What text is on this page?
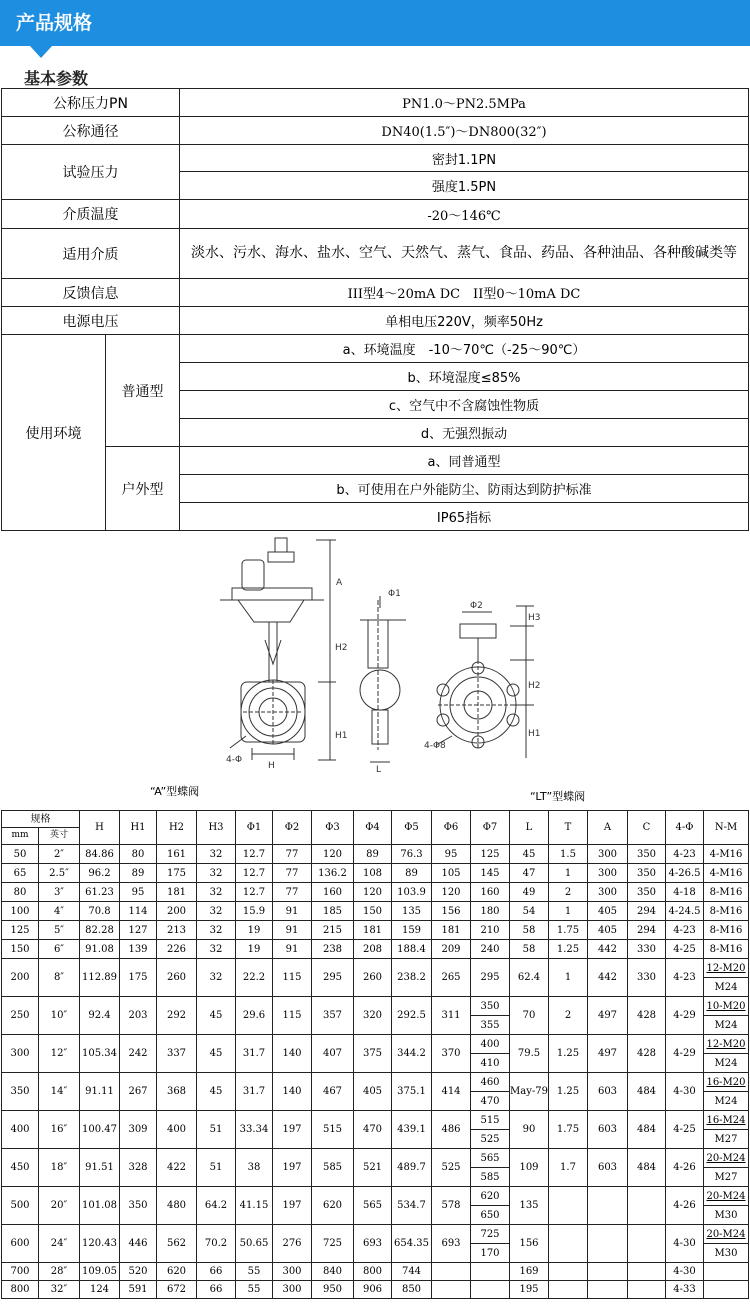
产品规格
基本参数
公称压力PN		PN1.0～PN2.5MPa
公称通径		DN40(1.5″)～DN800(32″)
试验压力		密封1.1PN
		强度1.5PN
介质温度		-20～146℃
适用介质		淡水、污水、海水、盐水、空气、天然气、蒸气、食品、药品、各种油品、各种酸碱类等
反馈信息		III型4～20mA DC　II型0～10mA DC
电源电压		单相电压220V，频率50Hz
使用环境	普通型	a、环境温度　-10～70℃（-25～90℃）
		b、环境湿度≤85%
		c、空气中不含腐蚀性物质
		d、无强烈振动
	户外型	a、同普通型
		b、可使用在户外能防尘、防雨达到防护标准
		IP65指标
A
H2
H1
H
4-Φ
Φ1
L
Φ2
H3
H2
H1
4-Φ8
“A”型蝶阀	“LT”型蝶阀
规格		H	H1	H2	H3	Φ1	Φ2	Φ3	Φ4	Φ5	Φ6	Φ7	L	T	A	C	4-Φ	N-M
mm	英寸																	
50	2″	84.86	80	161	32	12.7	77	120	89	76.3	95	125	45	1.5	300	350	4-23	4-M16
65	2.5″	96.2	89	175	32	12.7	77	136.2	108	89	105	145	47	1	300	350	4-26.5	4-M16
80	3″	61.23	95	181	32	12.7	77	160	120	103.9	120	160	49	2	300	350	4-18	8-M16
100	4″	70.8	114	200	32	15.9	91	185	150	135	156	180	54	1	405	294	4-24.5	8-M16
125	5″	82.28	127	213	32	19	91	215	181	159	181	210	58	1.75	405	294	4-23	8-M16
150	6″	91.08	139	226	32	19	91	238	208	188.4	209	240	58	1.25	442	330	4-25	8-M16
200	8″	112.89	175	260	32	22.2	115	295	260	238.2	265	295	62.4	1	442	330	4-23	12-M20
																		M24
250	10″	92.4	203	292	45	29.6	115	357	320	292.5	311	350	70	2	497	428	4-29	10-M20
												355						M24
300	12″	105.34	242	337	45	31.7	140	407	375	344.2	370	400	79.5	1.25	497	428	4-29	12-M20
												410						M24
350	14″	91.11	267	368	45	31.7	140	467	405	375.1	414	460	May-79	1.25	603	484	4-30	16-M20
												470						M24
400	16″	100.47	309	400	51	33.34	197	515	470	439.1	486	515	90	1.75	603	484	4-25	16-M24
												525						M27
450	18″	91.51	328	422	51	38	197	585	521	489.7	525	565	109	1.7	603	484	4-26	20-M24
												585						M27
500	20″	101.08	350	480	64.2	41.15	197	620	565	534.7	578	620	135				4-26	20-M24
												650						M30
600	24″	120.43	446	562	70.2	50.65	276	725	693	654.35	693	725	156				4-30	20-M24
												170						M30
700	28″	109.05	520	620	66	55	300	840	800	744			169				4-30	
800	32″	124	591	672	66	55	300	950	906	850			195				4-33	
